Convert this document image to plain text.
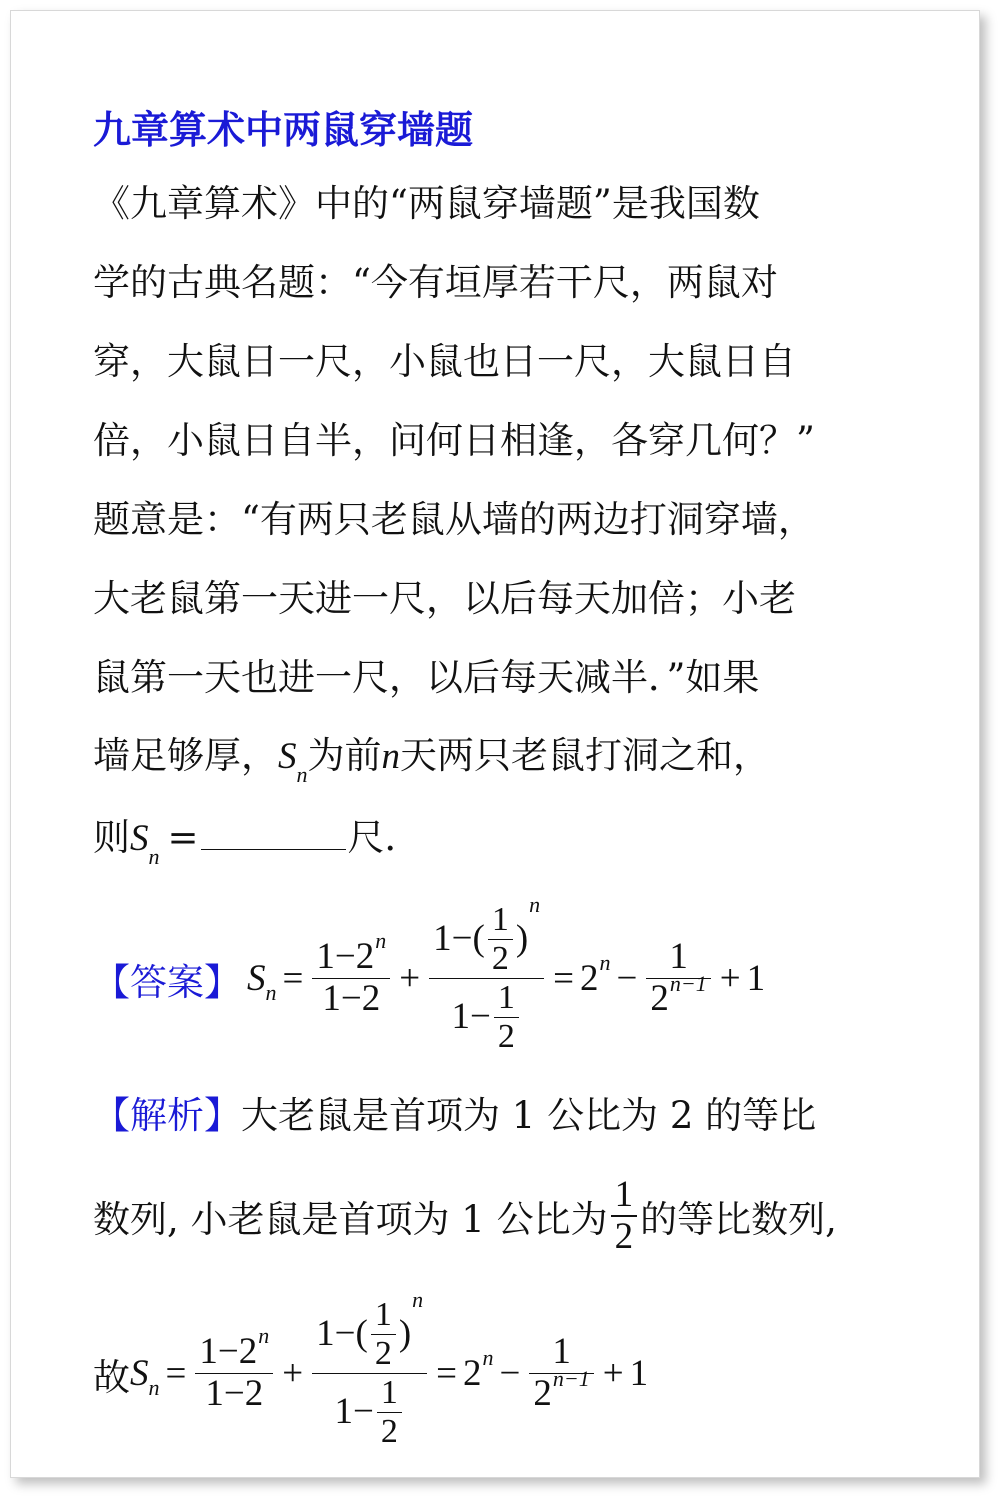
九章算术中两鼠穿墙题
《九章算术》中的“两鼠穿墙题”是我国数
学的古典名题：“今有垣厚若干尺，两鼠对
穿，大鼠日一尺，小鼠也日一尺，大鼠日自
倍，小鼠日自半，问何日相逢，各穿几何？”
题意是：“有两只老鼠从墙的两边打洞穿墙，
大老鼠第一天进一尺，以后每天加倍；小老
鼠第一天也进一尺，以后每天减半．”如果
墙足够厚，$S_n$为前n天两只老鼠打洞之和，
则$S_n$ =	尺．
【答案】 S $n = \frac{1 - 2 n}{1 - 2} + 1$ − ( $\frac{1}{2}$ )
n
$1 - \frac{1}{2} = 2$ $n - \frac{1}{2 n-1} + 1$
【解析】大老鼠是首项为 1 公比为 2 的等比
数列, 小老鼠是首项为 1 公比为 $\frac{1}{2}$ 的等比数列,
故 S $n = \frac{1 - 2 n}{1 - 2} + 1$ − ( $\frac{1}{2}$ )
n
$1 - \frac{1}{2} = 2$ $n - \frac{1}{2 n-1} + 1$
